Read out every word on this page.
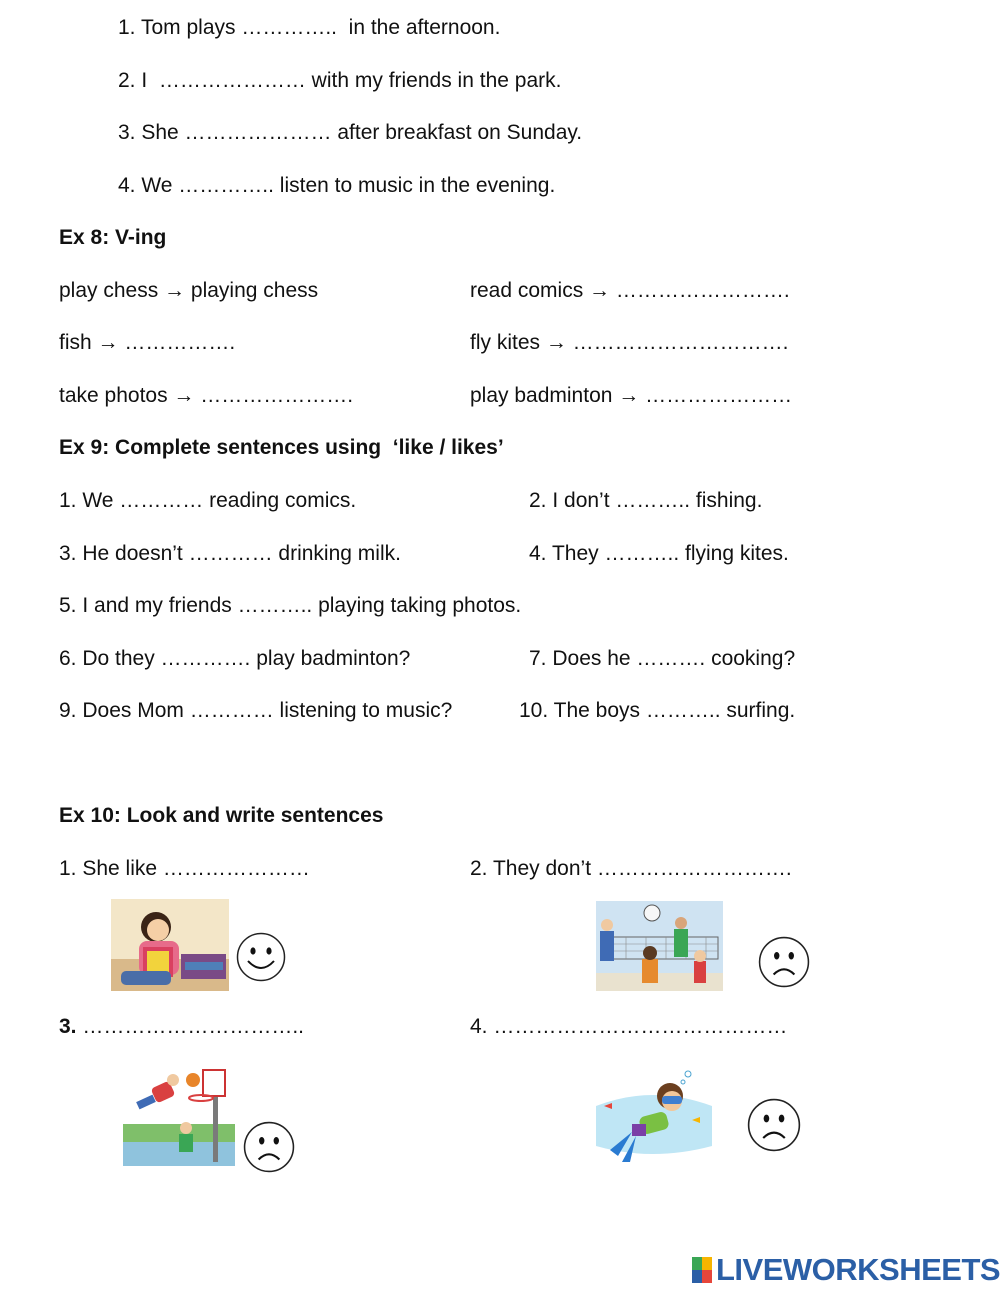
1. Tom plays …………..  in the afternoon.
2. I  ………………… with my friends in the park.
3. She ………………… after breakfast on Sunday.
4. We ………….. listen to music in the evening.
Ex 8: V-ing
play chess → playing chess	read comics → …………………….
fish → …………….	fly kites → ………………………….
take photos → ………………….	play badminton → …………………
Ex 9: Complete sentences using  ‘like / likes’
1. We ………… reading comics.	2. I don’t ……….. fishing.
3. He doesn’t ………… drinking milk.	4. They ……….. flying kites.
5. I and my friends ……….. playing taking photos.
6. Do they …………. play badminton?	7. Does he ………. cooking?
9. Does Mom ………… listening to music?	10. The boys ……….. surfing.
Ex 10: Look and write sentences
1. She like …………………	2. They don’t ……………………….
3. …………………………..	4. ……………………………………
LIVEWORKSHEETS
